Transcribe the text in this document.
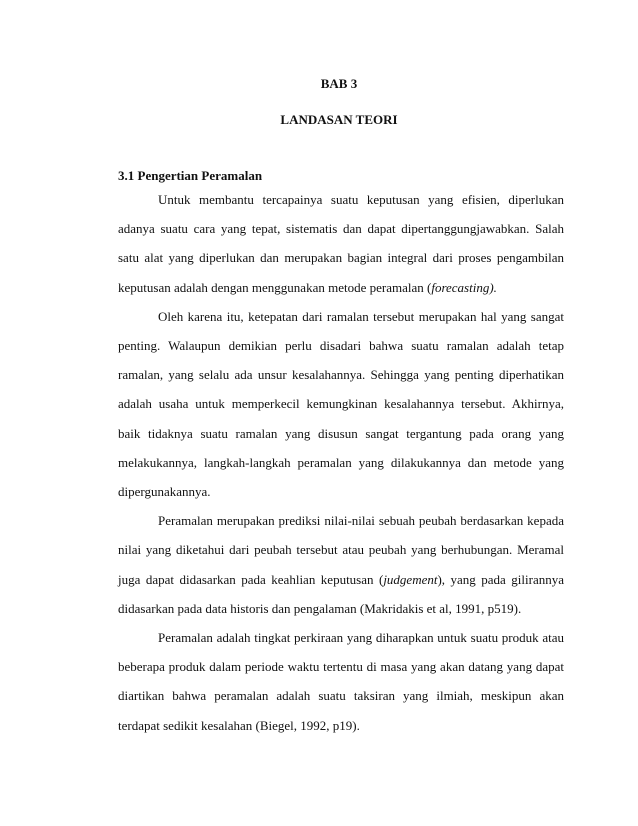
BAB 3
LANDASAN TEORI
3.1 Pengertian Peramalan

Untuk membantu tercapainya suatu keputusan yang efisien, diperlukan adanya suatu cara yang tepat, sistematis dan dapat dipertanggungjawabkan. Salah satu alat yang diperlukan dan merupakan bagian integral dari proses pengambilan keputusan adalah dengan menggunakan metode peramalan (forecasting).

Oleh karena itu, ketepatan dari ramalan tersebut merupakan hal yang sangat penting. Walaupun demikian perlu disadari bahwa suatu ramalan adalah tetap ramalan, yang selalu ada unsur kesalahannya. Sehingga yang penting diperhatikan adalah usaha untuk memperkecil kemungkinan kesalahannya tersebut. Akhirnya, baik tidaknya suatu ramalan yang disusun sangat tergantung pada orang yang melakukannya, langkah-langkah peramalan yang dilakukannya dan metode yang dipergunakannya.

Peramalan merupakan prediksi nilai-nilai sebuah peubah berdasarkan kepada nilai yang diketahui dari peubah tersebut atau peubah yang berhubungan. Meramal juga dapat didasarkan pada keahlian keputusan (judgement), yang pada gilirannya didasarkan pada data historis dan pengalaman (Makridakis et al, 1991, p519).

Peramalan adalah tingkat perkiraan yang diharapkan untuk suatu produk atau beberapa produk dalam periode waktu tertentu di masa yang akan datang yang dapat diartikan bahwa peramalan adalah suatu taksiran yang ilmiah, meskipun akan terdapat sedikit kesalahan (Biegel, 1992, p19).
